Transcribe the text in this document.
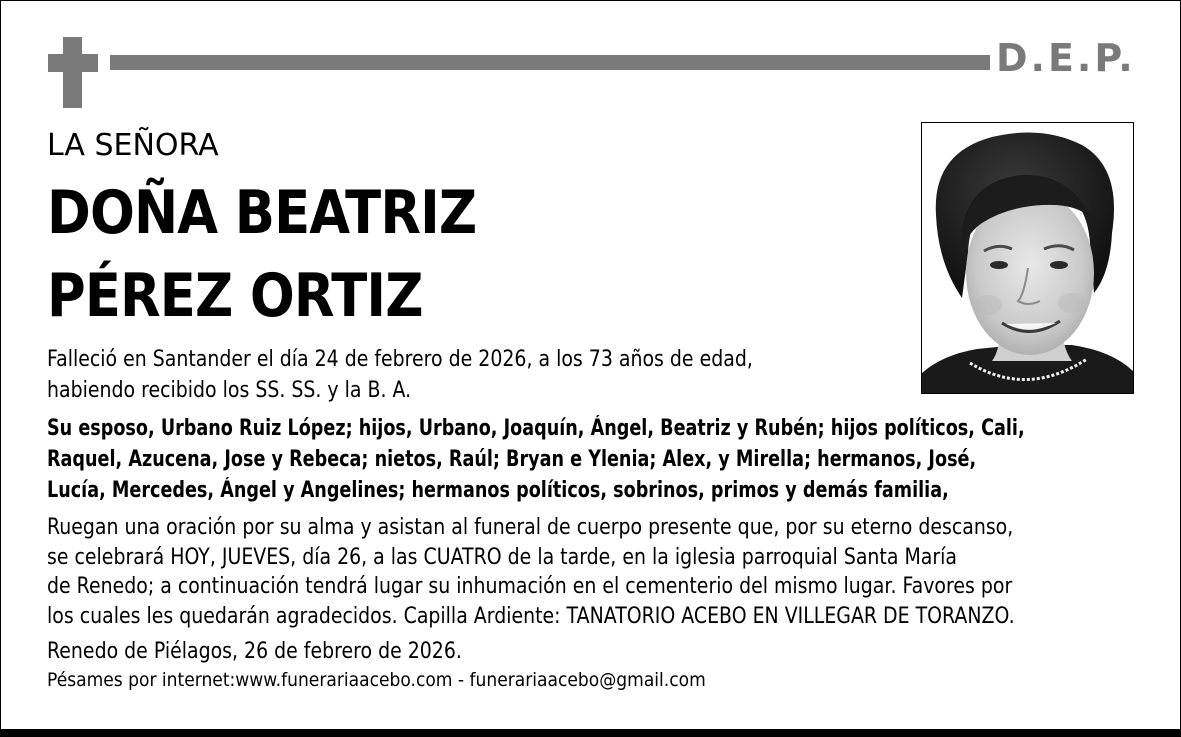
D.E.P.
LA SEÑORA
DOÑA BEATRIZ
PÉREZ ORTIZ
Falleció en Santander el día 24 de febrero de 2026, a los 73 años de edad,
habiendo recibido los SS. SS. y la B. A.
Su esposo, Urbano Ruiz López; hijos, Urbano, Joaquín, Ángel, Beatriz y Rubén; hijos políticos, Cali,
Raquel, Azucena, Jose y Rebeca; nietos, Raúl; Bryan e Ylenia; Alex, y Mirella; hermanos, José,
Lucía, Mercedes, Ángel y Angelines; hermanos políticos, sobrinos, primos y demás familia,
Ruegan una oración por su alma y asistan al funeral de cuerpo presente que, por su eterno descanso,
se celebrará HOY, JUEVES, día 26, a las CUATRO de la tarde, en la iglesia parroquial Santa María
de Renedo; a continuación tendrá lugar su inhumación en el cementerio del mismo lugar. Favores por
los cuales les quedarán agradecidos. Capilla Ardiente: TANATORIO ACEBO EN VILLEGAR DE TORANZO.
Renedo de Piélagos, 26 de febrero de 2026.
Pésames por internet:www.funerariaacebo.com - funerariaacebo@gmail.com
